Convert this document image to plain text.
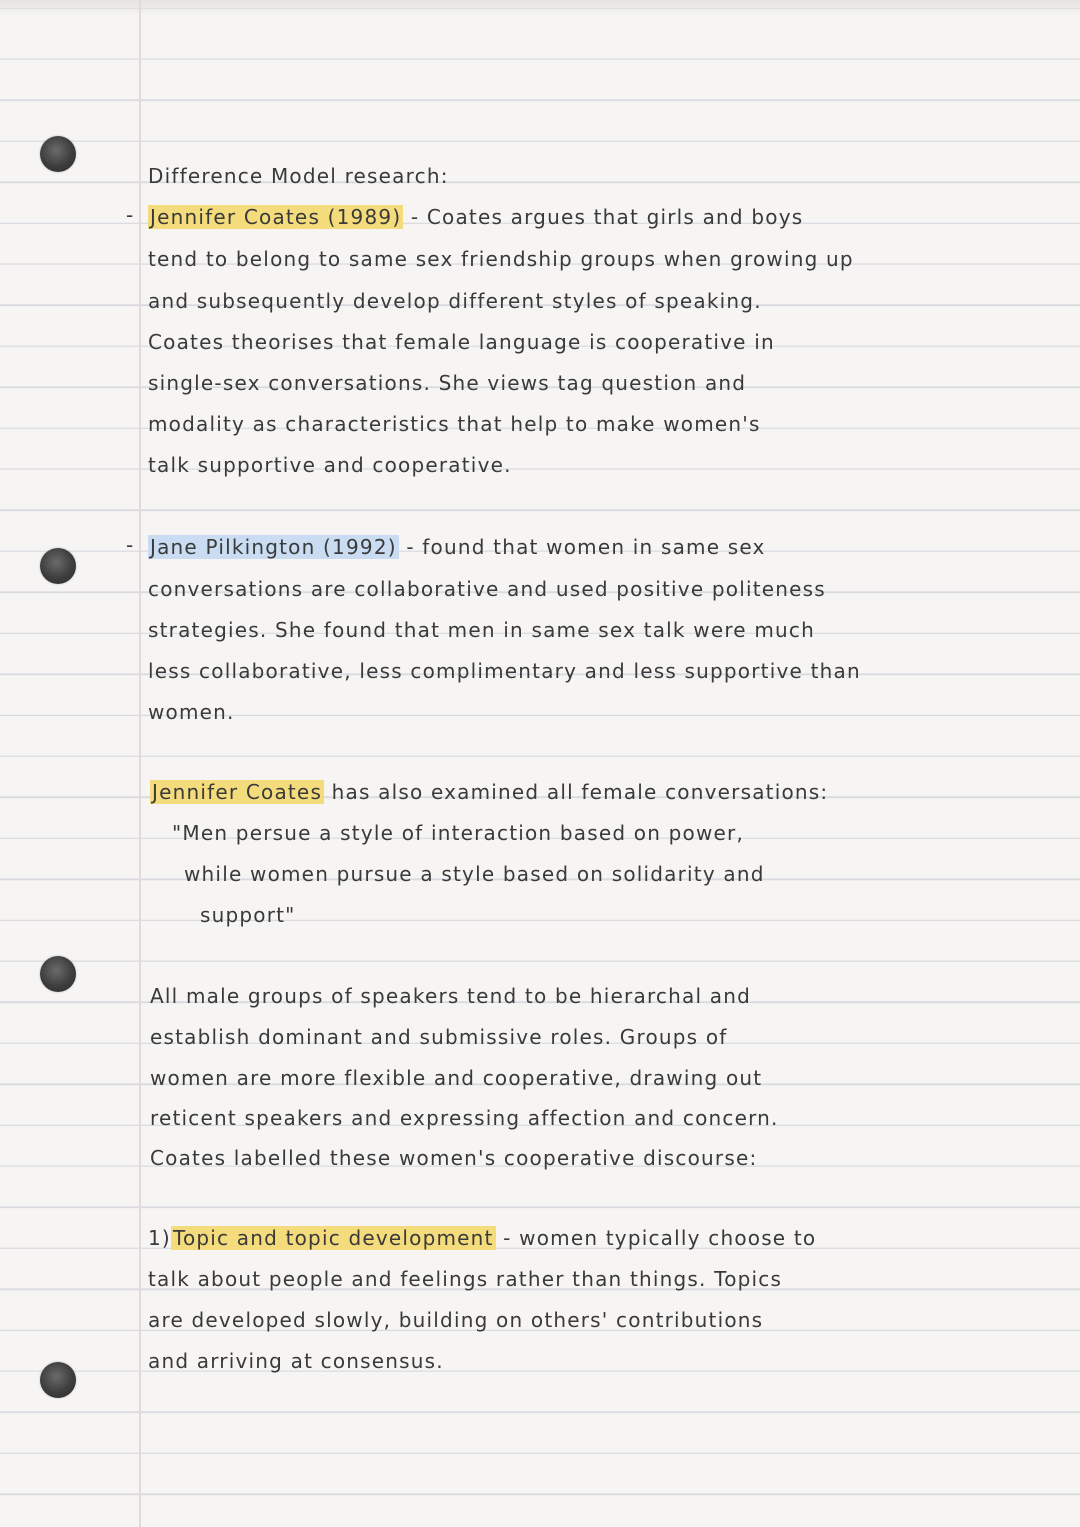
Difference Model research:
- Jennifer Coates (1989) - Coates argues that girls and boys
tend to belong to same sex friendship groups when growing up
and subsequently develop different styles of speaking.
Coates theorises that female language is cooperative in
single-sex conversations. She views tag question and
modality as characteristics that help to make women's
talk supportive and cooperative.
- Jane Pilkington (1992) - found that women in same sex
conversations are collaborative and used positive politeness
strategies. She found that men in same sex talk were much
less collaborative, less complimentary and less supportive than
women.
Jennifer Coates has also examined all female conversations:
"Men persue a style of interaction based on power,
while women pursue a style based on solidarity and
support"
All male groups of speakers tend to be hierarchal and
establish dominant and submissive roles. Groups of
women are more flexible and cooperative, drawing out
reticent speakers and expressing affection and concern.
Coates labelled these women's cooperative discourse:
1) Topic and topic development - women typically choose to
talk about people and feelings rather than things. Topics
are developed slowly, building on others' contributions
and arriving at consensus.
